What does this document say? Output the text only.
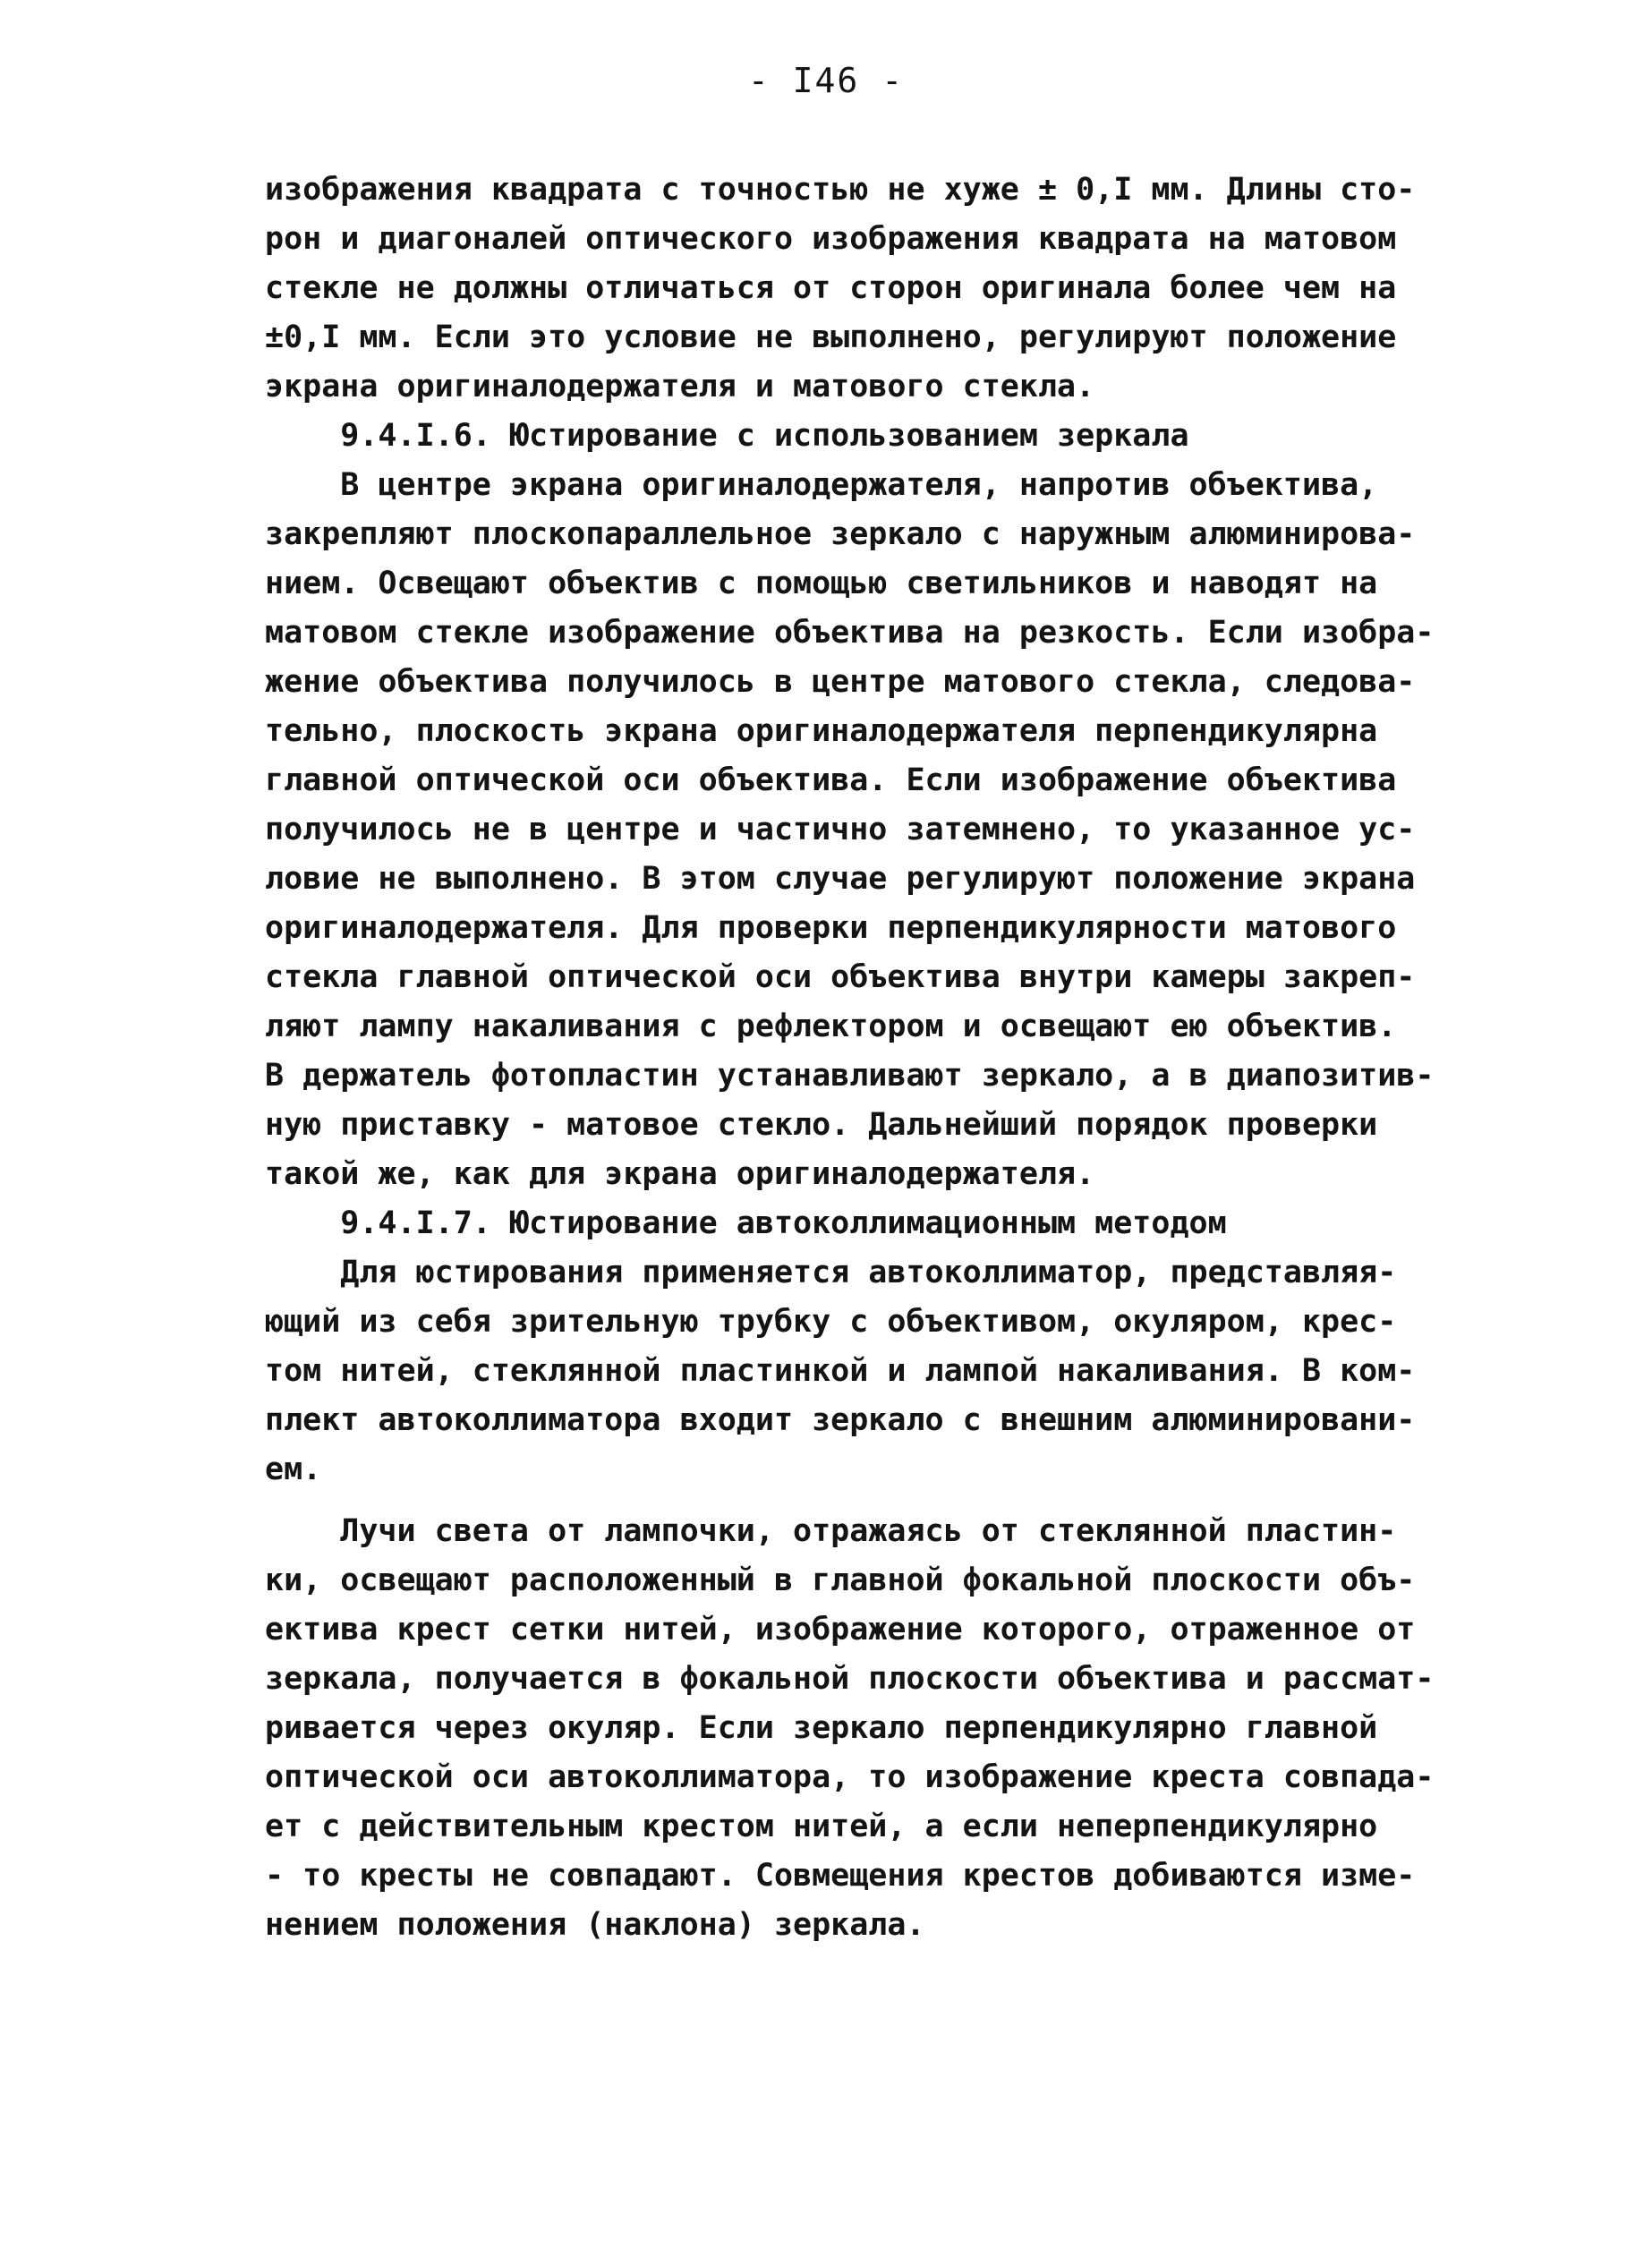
- I46 -
изображения квадрата с точностью не хуже ± 0,I мм. Длины сто-
рон и диагоналей оптического изображения квадрата на матовом
стекле не должны отличаться от сторон оригинала более чем на
±0,I мм. Если это условие не выполнено, регулируют положение
экрана оригиналодержателя и матового стекла.
9.4.I.6. Юстирование с использованием зеркала
В центре экрана оригиналодержателя, напротив объектива,
закрепляют плоскопараллельное зеркало с наружным алюминирова-
нием. Освещают объектив с помощью светильников и наводят на
матовом стекле изображение объектива на резкость. Если изобра-
жение объектива получилось в центре матового стекла, следова-
тельно, плоскость экрана оригиналодержателя перпендикулярна
главной оптической оси объектива. Если изображение объектива
получилось не в центре и частично затемнено, то указанное ус-
ловие не выполнено. В этом случае регулируют положение экрана
оригиналодержателя. Для проверки перпендикулярности матового
стекла главной оптической оси объектива внутри камеры закреп-
ляют лампу накаливания с рефлектором и освещают ею объектив.
В держатель фотопластин устанавливают зеркало, а в диапозитив-
ную приставку - матовое стекло. Дальнейший порядок проверки
такой же, как для экрана оригиналодержателя.
9.4.I.7. Юстирование автоколлимационным методом
Для юстирования применяется автоколлиматор, представляя-
ющий из себя зрительную трубку с объективом, окуляром, крес-
том нитей, стеклянной пластинкой и лампой накаливания. В ком-
плект автоколлиматора входит зеркало с внешним алюминировани-
ем.
Лучи света от лампочки, отражаясь от стеклянной пластин-
ки, освещают расположенный в главной фокальной плоскости объ-
ектива крест сетки нитей, изображение которого, отраженное от
зеркала, получается в фокальной плоскости объектива и рассмат-
ривается через окуляр. Если зеркало перпендикулярно главной
оптической оси автоколлиматора, то изображение креста совпада-
ет с действительным крестом нитей, а если неперпендикулярно
- то кресты не совпадают. Совмещения крестов добиваются изме-
нением положения (наклона) зеркала.
